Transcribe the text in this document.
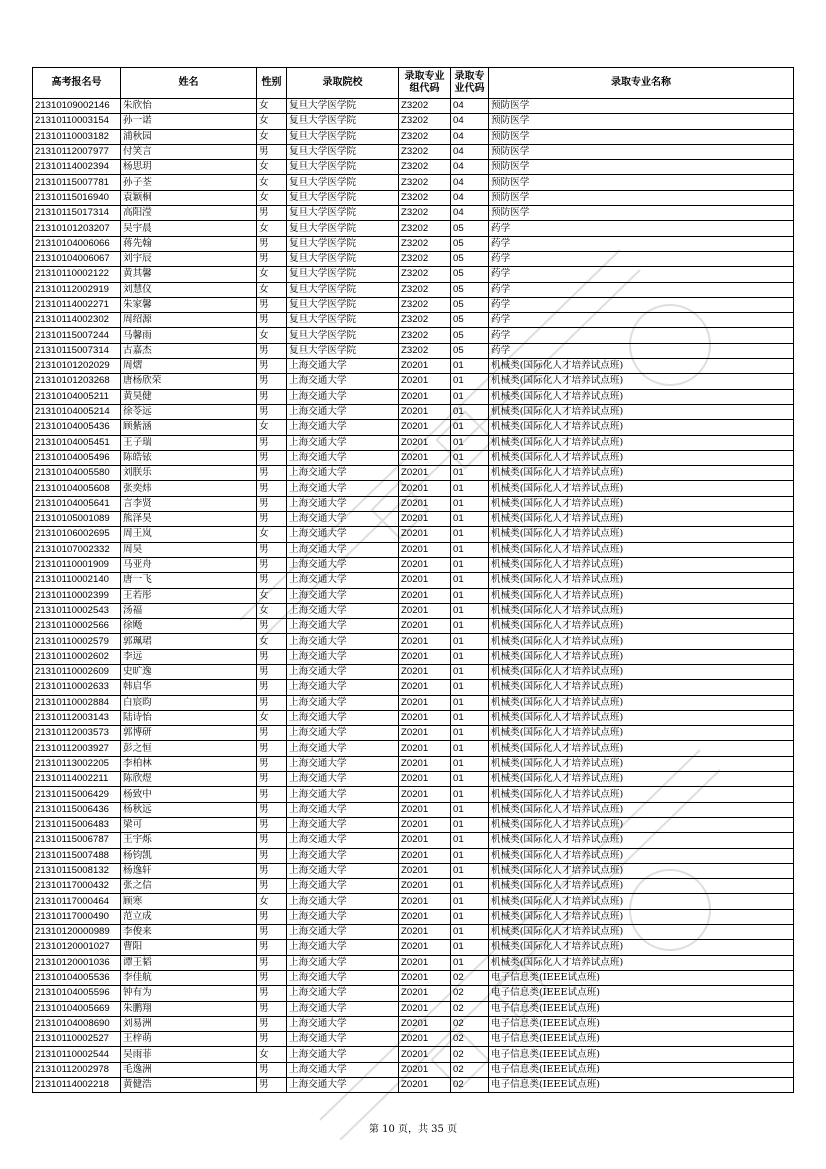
高考报名号	姓名	性别	录取院校	录取专业组代码	录取专业代码	录取专业名称
21310109002146	朱欣怡	女	复旦大学医学院	Z3202	04	预防医学
21310110003154	孙一诺	女	复旦大学医学院	Z3202	04	预防医学
21310110003182	浦秋园	女	复旦大学医学院	Z3202	04	预防医学
21310112007977	付笑言	男	复旦大学医学院	Z3202	04	预防医学
21310114002394	杨思玥	女	复旦大学医学院	Z3202	04	预防医学
21310115007781	孙子荃	女	复旦大学医学院	Z3202	04	预防医学
21310115016940	袁颖桐	女	复旦大学医学院	Z3202	04	预防医学
21310115017314	高阳滢	男	复旦大学医学院	Z3202	04	预防医学
21310101203207	吴宇晨	女	复旦大学医学院	Z3202	05	药学
21310104006066	蒋先翰	男	复旦大学医学院	Z3202	05	药学
21310104006067	刘宇辰	男	复旦大学医学院	Z3202	05	药学
21310110002122	黄其馨	女	复旦大学医学院	Z3202	05	药学
21310112002919	刘慧仪	女	复旦大学医学院	Z3202	05	药学
21310114002271	朱家馨	男	复旦大学医学院	Z3202	05	药学
21310114002302	周绍源	男	复旦大学医学院	Z3202	05	药学
21310115007244	马馨雨	女	复旦大学医学院	Z3202	05	药学
21310115007314	古嘉杰	男	复旦大学医学院	Z3202	05	药学
21310101202029	周熠	男	上海交通大学	Z0201	01	机械类(国际化人才培养试点班)
21310101203268	唐杨欣荣	男	上海交通大学	Z0201	01	机械类(国际化人才培养试点班)
21310104005211	黄昊健	男	上海交通大学	Z0201	01	机械类(国际化人才培养试点班)
21310104005214	徐苓远	男	上海交通大学	Z0201	01	机械类(国际化人才培养试点班)
21310104005436	顾紫涵	女	上海交通大学	Z0201	01	机械类(国际化人才培养试点班)
21310104005451	王子瑞	男	上海交通大学	Z0201	01	机械类(国际化人才培养试点班)
21310104005496	陈皓铱	男	上海交通大学	Z0201	01	机械类(国际化人才培养试点班)
21310104005580	刘朕乐	男	上海交通大学	Z0201	01	机械类(国际化人才培养试点班)
21310104005608	张奕炜	男	上海交通大学	Z0201	01	机械类(国际化人才培养试点班)
21310104005641	言李贤	男	上海交通大学	Z0201	01	机械类(国际化人才培养试点班)
21310105001089	熊泽昊	男	上海交通大学	Z0201	01	机械类(国际化人才培养试点班)
21310106002695	周王岚	女	上海交通大学	Z0201	01	机械类(国际化人才培养试点班)
21310107002332	周昊	男	上海交通大学	Z0201	01	机械类(国际化人才培养试点班)
21310110001909	马亚舟	男	上海交通大学	Z0201	01	机械类(国际化人才培养试点班)
21310110002140	唐一飞	男	上海交通大学	Z0201	01	机械类(国际化人才培养试点班)
21310110002399	王若彤	女	上海交通大学	Z0201	01	机械类(国际化人才培养试点班)
21310110002543	汤福	女	上海交通大学	Z0201	01	机械类(国际化人才培养试点班)
21310110002566	徐飏	男	上海交通大学	Z0201	01	机械类(国际化人才培养试点班)
21310110002579	郭珮珺	女	上海交通大学	Z0201	01	机械类(国际化人才培养试点班)
21310110002602	李远	男	上海交通大学	Z0201	01	机械类(国际化人才培养试点班)
21310110002609	史旷逸	男	上海交通大学	Z0201	01	机械类(国际化人才培养试点班)
21310110002633	韩启华	男	上海交通大学	Z0201	01	机械类(国际化人才培养试点班)
21310110002884	白宸昀	男	上海交通大学	Z0201	01	机械类(国际化人才培养试点班)
21310112003143	陆诗怡	女	上海交通大学	Z0201	01	机械类(国际化人才培养试点班)
21310112003573	郭博研	男	上海交通大学	Z0201	01	机械类(国际化人才培养试点班)
21310112003927	彭之恒	男	上海交通大学	Z0201	01	机械类(国际化人才培养试点班)
21310113002205	李柏林	男	上海交通大学	Z0201	01	机械类(国际化人才培养试点班)
21310114002211	陈欣煜	男	上海交通大学	Z0201	01	机械类(国际化人才培养试点班)
21310115006429	杨致中	男	上海交通大学	Z0201	01	机械类(国际化人才培养试点班)
21310115006436	杨秋远	男	上海交通大学	Z0201	01	机械类(国际化人才培养试点班)
21310115006483	梁可	男	上海交通大学	Z0201	01	机械类(国际化人才培养试点班)
21310115006787	王宇烁	男	上海交通大学	Z0201	01	机械类(国际化人才培养试点班)
21310115007488	杨钧凯	男	上海交通大学	Z0201	01	机械类(国际化人才培养试点班)
21310115008132	杨逸轩	男	上海交通大学	Z0201	01	机械类(国际化人才培养试点班)
21310117000432	张之信	男	上海交通大学	Z0201	01	机械类(国际化人才培养试点班)
21310117000464	顾寒	女	上海交通大学	Z0201	01	机械类(国际化人才培养试点班)
21310117000490	范立成	男	上海交通大学	Z0201	01	机械类(国际化人才培养试点班)
21310120000989	李俊来	男	上海交通大学	Z0201	01	机械类(国际化人才培养试点班)
21310120001027	曹阳	男	上海交通大学	Z0201	01	机械类(国际化人才培养试点班)
21310120001036	谭王韬	男	上海交通大学	Z0201	01	机械类(国际化人才培养试点班)
21310104005536	李佳航	男	上海交通大学	Z0201	02	电子信息类(IEEE试点班)
21310104005596	钟有为	男	上海交通大学	Z0201	02	电子信息类(IEEE试点班)
21310104005669	朱鹏翔	男	上海交通大学	Z0201	02	电子信息类(IEEE试点班)
21310104008690	刘易洲	男	上海交通大学	Z0201	02	电子信息类(IEEE试点班)
21310110002527	王梓萌	男	上海交通大学	Z0201	02	电子信息类(IEEE试点班)
21310110002544	吴雨菲	女	上海交通大学	Z0201	02	电子信息类(IEEE试点班)
21310112002978	毛逸洲	男	上海交通大学	Z0201	02	电子信息类(IEEE试点班)
21310114002218	黄健浩	男	上海交通大学	Z0201	02	电子信息类(IEEE试点班)
第 10 页，共 35 页
